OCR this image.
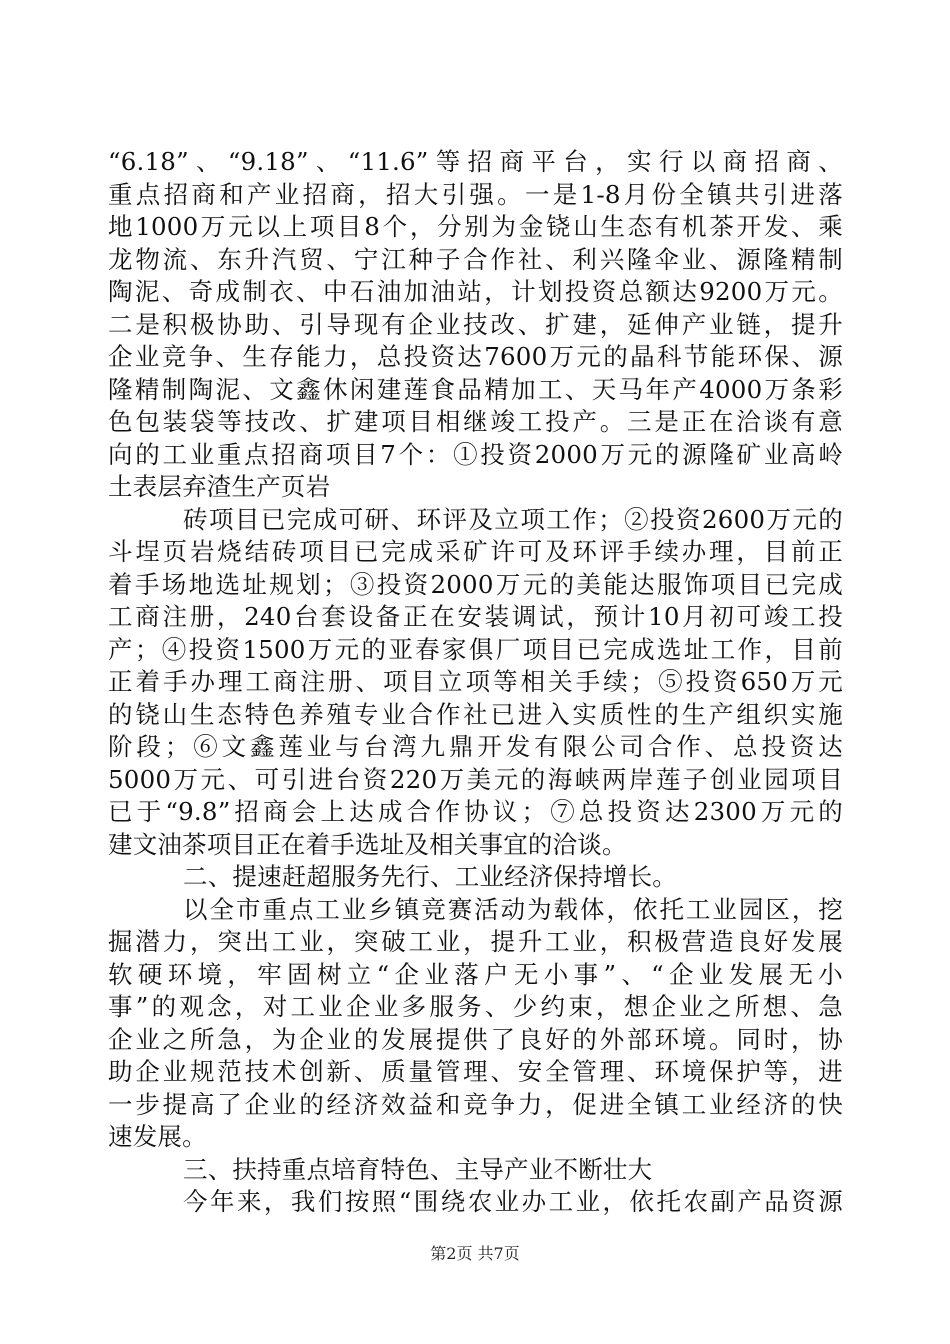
“6.18”、“9.18”、“11.6”等招商平台，实行以商招商、
重点招商和产业招商，招大引强。一是1-8月份全镇共引进落
地1000万元以上项目8个，分别为金铙山生态有机茶开发、乘
龙物流、东升汽贸、宁江种子合作社、利兴隆伞业、源隆精制
陶泥、奇成制衣、中石油加油站，计划投资总额达9200万元。
二是积极协助、引导现有企业技改、扩建，延伸产业链，提升
企业竞争、生存能力，总投资达7600万元的晶科节能环保、源
隆精制陶泥、文鑫休闲建莲食品精加工、天马年产4000万条彩
色包装袋等技改、扩建项目相继竣工投产。三是正在洽谈有意
向的工业重点招商项目7个：①投资2000万元的源隆矿业高岭
土表层弃渣生产页岩
砖项目已完成可研、环评及立项工作；②投资2600万元的
斗埕页岩烧结砖项目已完成采矿许可及环评手续办理，目前正
着手场地选址规划；③投资2000万元的美能达服饰项目已完成
工商注册，240台套设备正在安装调试，预计10月初可竣工投
产；④投资1500万元的亚春家俱厂项目已完成选址工作，目前
正着手办理工商注册、项目立项等相关手续；⑤投资650万元
的铙山生态特色养殖专业合作社已进入实质性的生产组织实施
阶段；⑥文鑫莲业与台湾九鼎开发有限公司合作、总投资达
5000万元、可引进台资220万美元的海峡两岸莲子创业园项目
已于“9.8”招商会上达成合作协议；⑦总投资达2300万元的
建文油茶项目正在着手选址及相关事宜的洽谈。
二、提速赶超服务先行、工业经济保持增长。
以全市重点工业乡镇竞赛活动为载体，依托工业园区，挖
掘潜力，突出工业，突破工业，提升工业，积极营造良好发展
软硬环境，牢固树立“企业落户无小事”、“企业发展无小
事”的观念，对工业企业多服务、少约束，想企业之所想、急
企业之所急，为企业的发展提供了良好的外部环境。同时，协
助企业规范技术创新、质量管理、安全管理、环境保护等，进
一步提高了企业的经济效益和竞争力，促进全镇工业经济的快
速发展。
三、扶持重点培育特色、主导产业不断壮大
今年来，我们按照“围绕农业办工业，依托农副产品资源
第2页 共7页
